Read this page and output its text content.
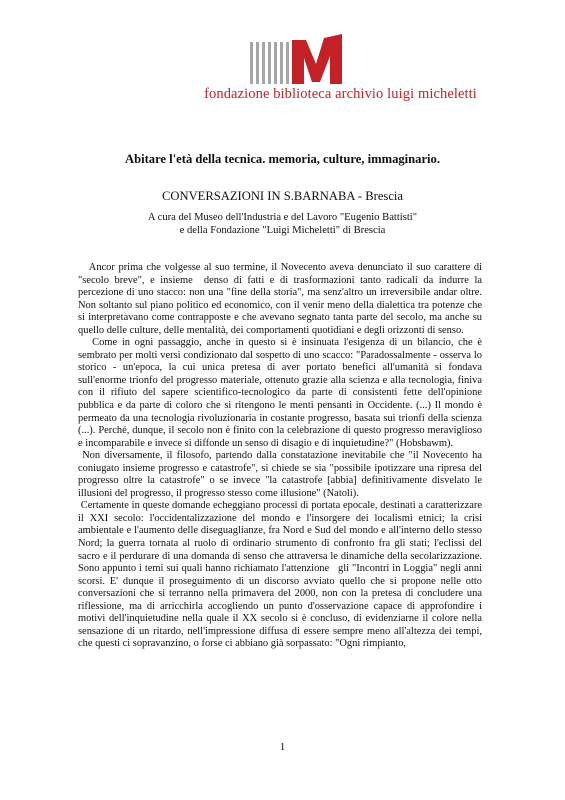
fondazione biblioteca archivio luigi micheletti
Abitare l'età della tecnica. memoria, culture, immaginario.
CONVERSAZIONI IN S.BARNABA - Brescia
A cura del Museo dell'Industria e del Lavoro "Eugenio Battisti"
e della Fondazione "Luigi Micheletti" di Brescia

Ancor prima che volgesse al suo termine, il Novecento aveva denunciato il suo carattere di "secolo breve", e insieme  denso di fatti e di trasformazioni tanto radicali da indurre la percezione di uno stacco: non una "fine della storia", ma senz'altro un irreversibile andar oltre. Non soltanto sul piano politico ed economico, con il venir meno della dialettica tra potenze che si interpretavano come contrapposte e che avevano segnato tanta parte del secolo, ma anche su quello delle culture, delle mentalità, dei comportamenti quotidiani e degli orizzonti di senso.

Come in ogni passaggio, anche in questo si è insinuata l'esigenza di un bilancio, che è sembrato per molti versi condizionato dal sospetto di uno scacco: "Paradossalmente - osserva lo storico - un'epoca, la cui unica pretesa di aver portato benefici all'umanità si fondava sull'enorme trionfo del progresso materiale, ottenuto grazie alla scienza e alla tecnologia, finiva con il rifiuto del sapere scientifico-tecnologico da parte di consistenti fette dell'opinione pubblica e da parte di coloro che si ritengono le menti pensanti in Occidente. (...) Il mondo è permeato da una tecnologia rivoluzionaria in costante progresso, basata sui trionfi della scienza (...). Perché, dunque, il secolo non è finito con la celebrazione di questo progresso meraviglioso e incomparabile e invece si diffonde un senso di disagio e di inquietudine?" (Hobsbawm).

Non diversamente, il filosofo, partendo dalla constatazione inevitabile che "il Novecento ha coniugato insieme progresso e catastrofe", si chiede se sia "possibile ipotizzare una ripresa del progresso oltre la catastrofe" o se invece "la catastrofe [abbia] definitivamente disvelato le illusioni del progresso, il progresso stesso come illusione" (Natoli).

Certamente in queste domande echeggiano processi di portata epocale, destinati a caratterizzare il XXI secolo: l'occidentalizzazione del mondo e l'insorgere dei localismi etnici; la crisi ambientale e l'aumento delle diseguaglianze, fra Nord e Sud del mondo e all'interno dello stesso Nord; la guerra tornata al ruolo di ordinario strumento di confronto fra gli stati; l'eclissi del sacro e il perdurare di una domanda di senso che attraversa le dinamiche della secolarizzazione. Sono appunto i temi sui quali hanno richiamato l'attenzione   gli "Incontri in Loggia" negli anni scorsi. E' dunque il proseguimento di un discorso avviato quello che si propone nelle otto conversazioni che si terranno nella primavera del 2000, non con la pretesa di concludere una riflessione, ma di arricchirla accogliendo un punto d'osservazione capace di approfondire i motivi dell'inquietudine nella quale il XX secolo si è concluso, di evidenziarne il colore nella sensazione di un ritardo, nell'impressione diffusa di essere sempre meno all'altezza dei tempi, che questi ci sopravanzino, o forse ci abbiano già sorpassato: "Ogni rimpianto,

1
